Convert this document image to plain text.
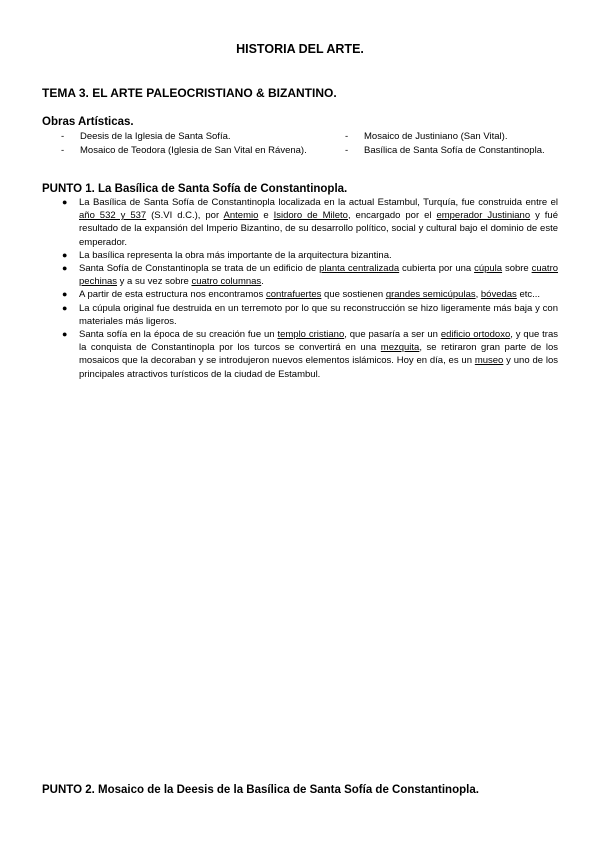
HISTORIA DEL ARTE.
TEMA 3. EL ARTE PALEOCRISTIANO & BIZANTINO.
Obras Artísticas.
- Deesis de la Iglesia de Santa Sofía.
- Mosaico de Teodora (Iglesia de San Vital en Rávena).
- Mosaico de Justiniano (San Vital).
- Basílica de Santa Sofía de Constantinopla.
PUNTO 1. La Basílica de Santa Sofía de Constantinopla.
● La Basílica de Santa Sofía de Constantinopla localizada en la actual Estambul, Turquía, fue construida entre el año 532 y 537 (S.VI d.C.), por Antemio e Isidoro de Mileto, encargado por el emperador Justiniano y fué resultado de la expansión del Imperio Bizantino, de su desarrollo político, social y cultural bajo el dominio de este emperador.
● La basílica representa la obra más importante de la arquitectura bizantina.
● Santa Sofía de Constantinopla se trata de un edificio de planta centralizada cubierta por una cúpula sobre cuatro pechinas y a su vez sobre cuatro columnas.
● A partir de esta estructura nos encontramos contrafuertes que sostienen grandes semicúpulas, bóvedas etc...
● La cúpula original fue destruida en un terremoto por lo que su reconstrucción se hizo ligeramente más baja y con materiales más ligeros.
● Santa sofía en la época de su creación fue un templo cristiano, que pasaría a ser un edificio ortodoxo, y que tras la conquista de Constantinopla por los turcos se convertirá en una mezquita, se retiraron gran parte de los mosaicos que la decoraban y se introdujeron nuevos elementos islámicos. Hoy en día, es un museo y uno de los principales atractivos turísticos de la ciudad de Estambul.
PUNTO 2. Mosaico de la Deesis de la Basílica de Santa Sofía de Constantinopla.
